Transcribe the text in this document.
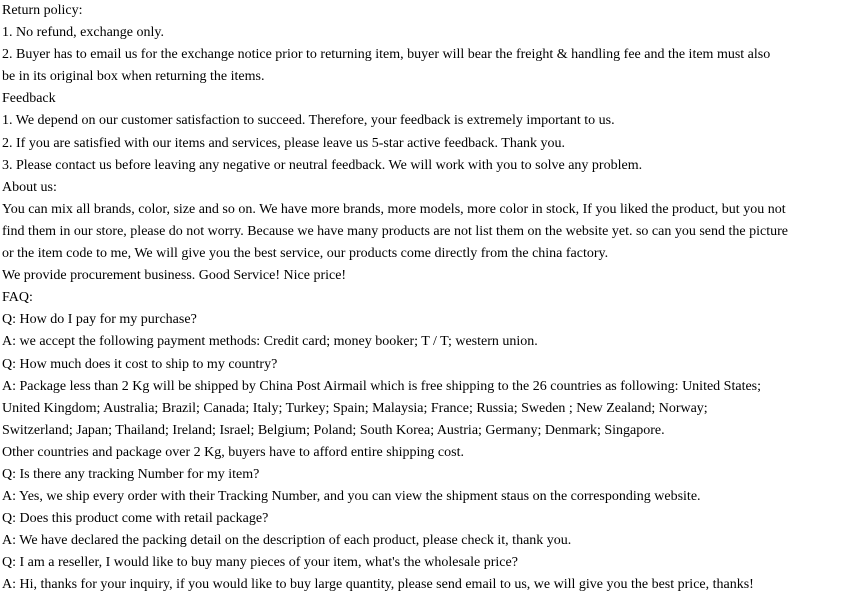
Return policy:
1. No refund, exchange only.
2. Buyer has to email us for the exchange notice prior to returning item, buyer will bear the freight & handling fee and the item must also
be in its original box when returning the items.
Feedback
1. We depend on our customer satisfaction to succeed. Therefore, your feedback is extremely important to us.
2. If you are satisfied with our items and services, please leave us 5-star active feedback. Thank you.
3. Please contact us before leaving any negative or neutral feedback. We will work with you to solve any problem.
About us:
You can mix all brands, color, size and so on. We have more brands, more models, more color in stock, If you liked the product, but you not
find them in our store, please do not worry. Because we have many products are not list them on the website yet. so can you send the picture
or the item code to me, We will give you the best service, our products come directly from the china factory.
We provide procurement business. Good Service! Nice price!
FAQ:
Q: How do I pay for my purchase?
A: we accept the following payment methods: Credit card; money booker; T / T; western union.
Q: How much does it cost to ship to my country?
A: Package less than 2 Kg will be shipped by China Post Airmail which is free shipping to the 26 countries as following: United States;
United Kingdom; Australia; Brazil; Canada; Italy; Turkey; Spain; Malaysia; France; Russia; Sweden ; New Zealand; Norway;
Switzerland; Japan; Thailand; Ireland; Israel; Belgium; Poland; South Korea; Austria; Germany; Denmark; Singapore.
Other countries and package over 2 Kg, buyers have to afford entire shipping cost.
Q: Is there any tracking Number for my item?
A: Yes, we ship every order with their Tracking Number, and you can view the shipment staus on the corresponding website.
Q: Does this product come with retail package?
A: We have declared the packing detail on the description of each product, please check it, thank you.
Q: I am a reseller, I would like to buy many pieces of your item, what's the wholesale price?
A: Hi, thanks for your inquiry, if you would like to buy large quantity, please send email to us, we will give you the best price, thanks!
